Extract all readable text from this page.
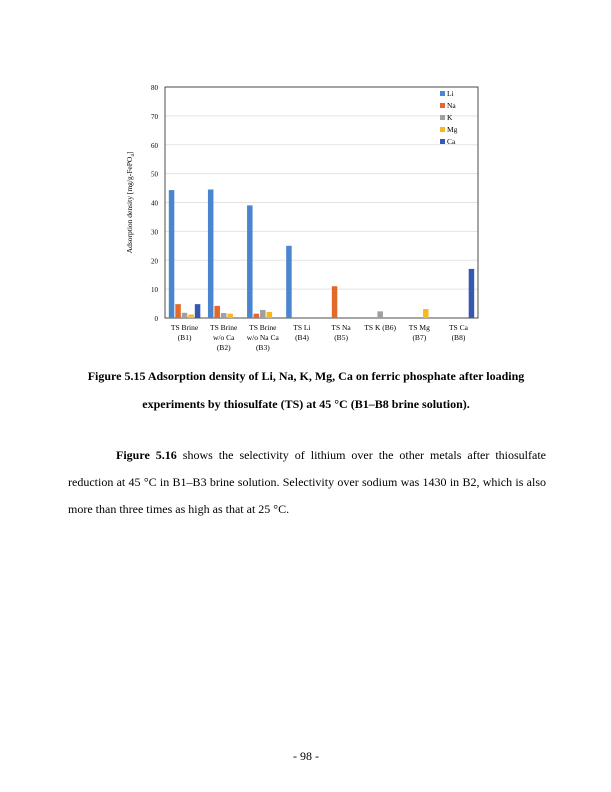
0
10
20
30
40
50
60
70
80
Adsorption density [mg/g-FePO$_4$]
TS Brine
(B1)
TS Brine
w/o Ca
(B2)
TS Brine
w/o Na Ca
(B3)
TS Li
(B4)
TS Na
(B5)
TS K (B6) TS Mg
(B7)
TS Ca
(B8)
Li
Na
K
Mg
Ca
Figure 5.15 Adsorption density of Li, Na, K, Mg, Ca on ferric phosphate after loading
experiments by thiosulfate (TS) at 45 °C (B1–B8 brine solution).
Figure 5.16 shows the selectivity of lithium over the other metals after thiosulfate reduction at 45 °C in B1–B3 brine solution. Selectivity over sodium was 1430 in B2, which is also more than three times as high as that at 25 °C.
- 98 -
